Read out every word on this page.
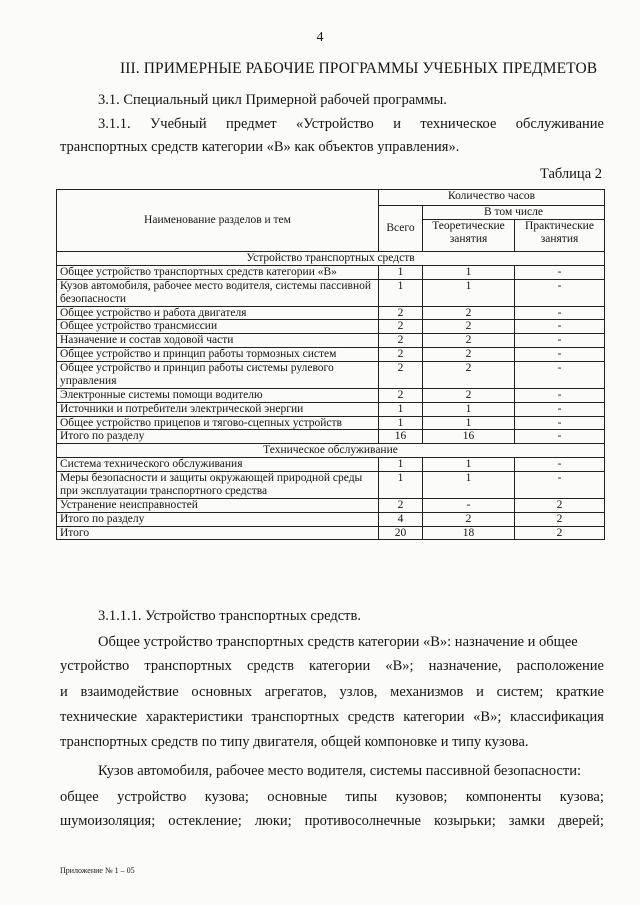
4
III. ПРИМЕРНЫЕ РАБОЧИЕ ПРОГРАММЫ УЧЕБНЫХ ПРЕДМЕТОВ
3.1. Специальный цикл Примерной рабочей программы.
3.1.1. Учебный предмет «Устройство и техническое обслуживание
транспортных средств категории «В» как объектов управления».
Таблица 2
Наименование разделов и тем	Количество часов		
	Всего	В том числе	
		Теоретические занятия	Практические занятия
Устройство транспортных средств			
Общее устройство транспортных средств категории «В»	1	1	-
Кузов автомобиля, рабочее место водителя, системы пассивной безопасности	1	1	-
Общее устройство и работа двигателя	2	2	-
Общее устройство трансмиссии	2	2	-
Назначение и состав ходовой части	2	2	-
Общее устройство и принцип работы тормозных систем	2	2	-
Общее устройство и принцип работы системы рулевого управления	2	2	-
Электронные системы помощи водителю	2	2	-
Источники и потребители электрической энергии	1	1	-
Общее устройство прицепов и тягово-сцепных устройств	1	1	-
Итого по разделу	16	16	-
Техническое обслуживание			
Система технического обслуживания	1	1	-
Меры безопасности и защиты окружающей природной среды при эксплуатации транспортного средства	1	1	-
Устранение неисправностей	2	-	2
Итого по разделу	4	2	2
Итого	20	18	2
3.1.1.1. Устройство транспортных средств.
Общее устройство транспортных средств категории «В»: назначение и общее
устройство транспортных средств категории «В»; назначение, расположение
и взаимодействие основных агрегатов, узлов, механизмов и систем; краткие
технические характеристики транспортных средств категории «В»; классификация
транспортных средств по типу двигателя, общей компоновке и типу кузова.
Кузов автомобиля, рабочее место водителя, системы пассивной безопасности:
общее устройство кузова; основные типы кузовов; компоненты кузова;
шумоизоляция; остекление; люки; противосолнечные козырьки; замки дверей;
Приложение № 1 – 05
